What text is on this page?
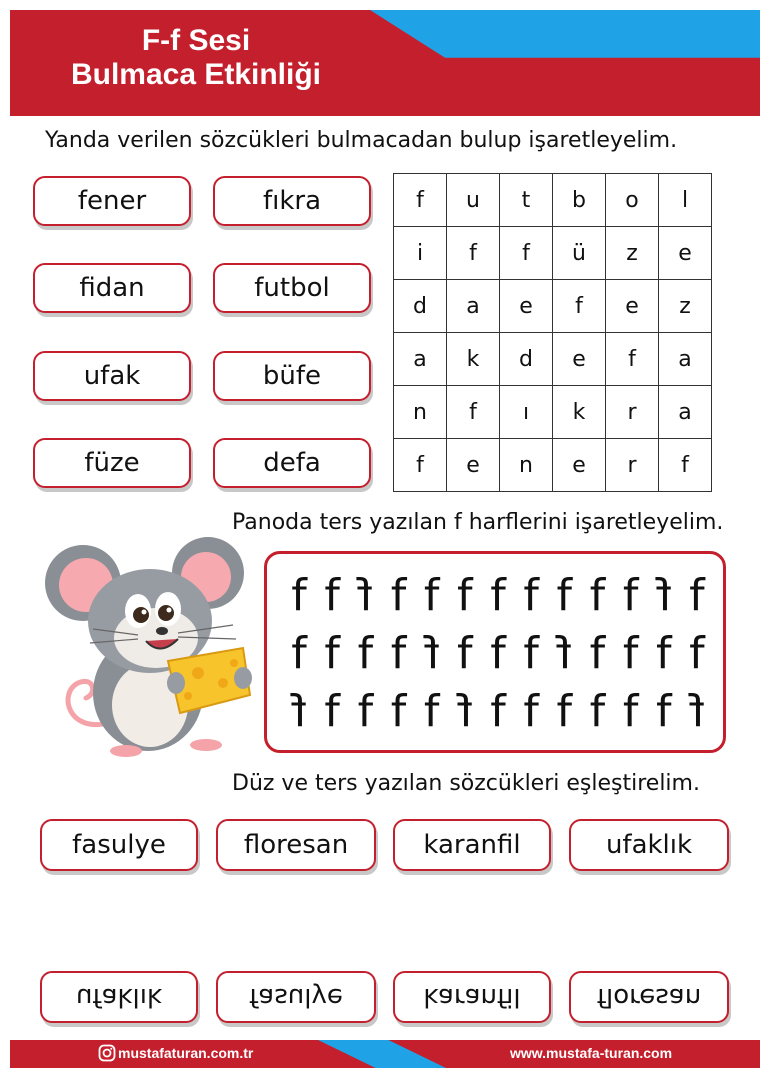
F-f Sesi
Bulmaca Etkinliği
Yanda verilen sözcükleri bulmacadan bulup işaretleyelim.
fener	fıkra
fidan	futbol
ufak	büfe
füze	defa
f	u	t	b	o	l
i	f	f	ü	z	e
d	a	e	f	e	z
a	k	d	e	f	a
n	f	ı	k	r	a
f	e	n	e	r	f
Panoda ters yazılan f harflerini işaretleyelim.
f f f f f f f f f f f f f
f f f f f f f f f f f f f
f f f f f f f f f f f f f
Düz ve ters yazılan sözcükleri eşleştirelim.
fasulye	floresan	karanfil	ufaklık
ufaklık	fasulye	karanfil	floresan
mustafaturan.com.tr	www.mustafa-turan.com
